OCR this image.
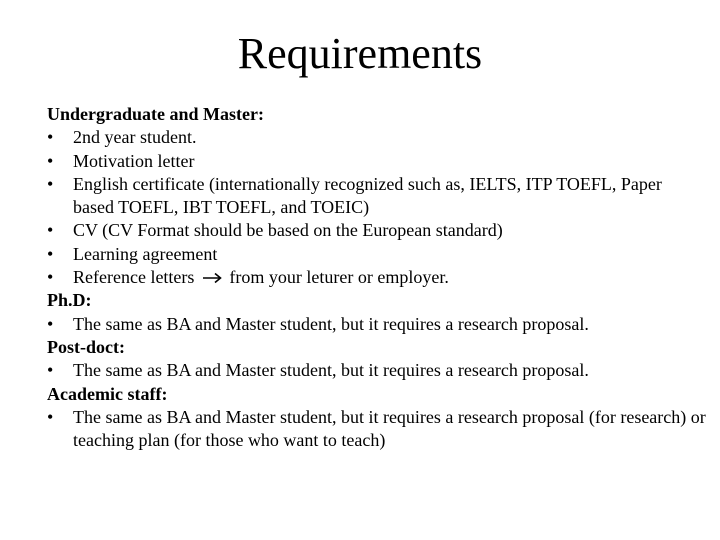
Requirements

Undergraduate and Master:

• 2nd year student.
• Motivation letter
• English certificate (internationally recognized such as, IELTS, ITP TOEFL, Paper based TOEFL, IBT TOEFL, and TOEIC)
• CV (CV Format should be based on the European standard)
• Learning agreement
• Reference letters from your leturer or employer.

Ph.D:

• The same as BA and Master student, but it requires a research proposal.

Post-doct:

• The same as BA and Master student, but it requires a research proposal.

Academic staff:

• The same as BA and Master student, but it requires a research proposal (for research) or teaching plan (for those who want to teach)
